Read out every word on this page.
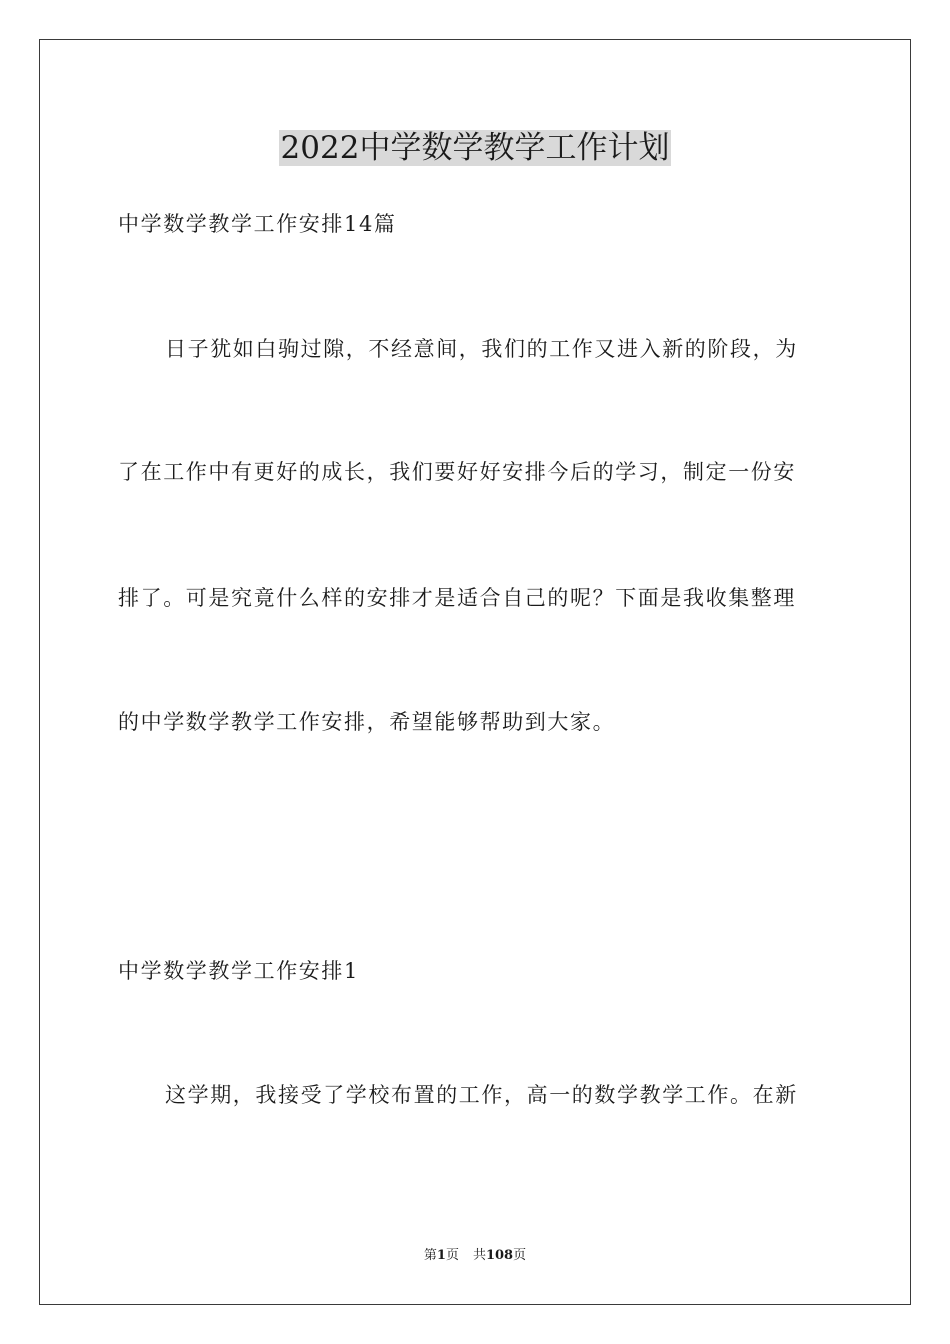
2022中学数学教学工作计划
中学数学教学工作安排14篇
日子犹如白驹过隙，不经意间，我们的工作又进入新的阶段，为
了在工作中有更好的成长，我们要好好安排今后的学习，制定一份安
排了。可是究竟什么样的安排才是适合自己的呢？下面是我收集整理
的中学数学教学工作安排，希望能够帮助到大家。
中学数学教学工作安排1
这学期，我接受了学校布置的工作，高一的数学教学工作。在新
第1页 共108页
